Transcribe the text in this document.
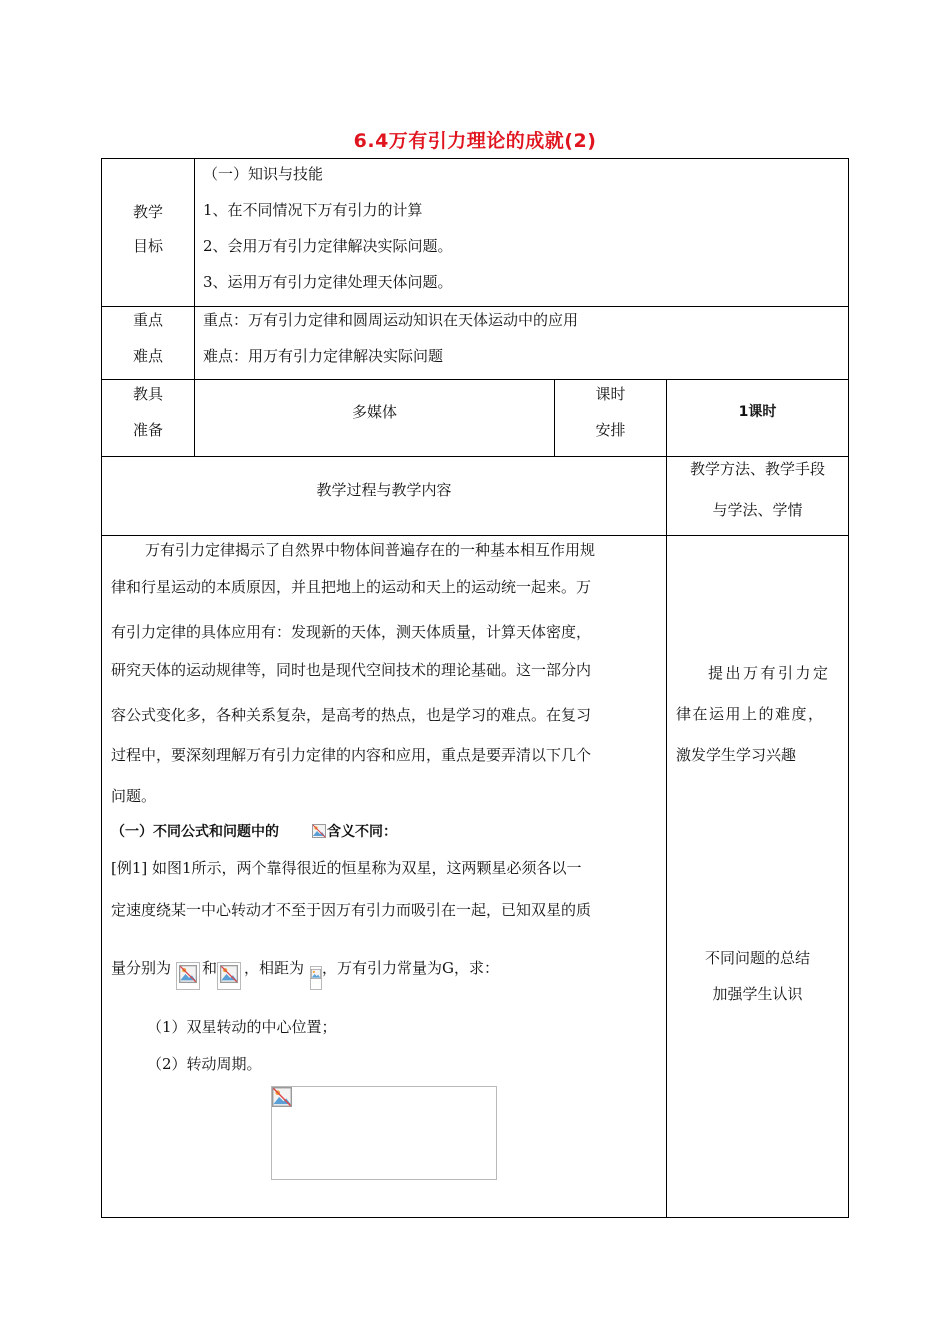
6.4万有引力理论的成就(2)
教学
目标
（一）知识与技能
1、在不同情况下万有引力的计算
2、会用万有引力定律解决实际问题。
3、运用万有引力定律处理天体问题。
重点
难点
重点：万有引力定律和圆周运动知识在天体运动中的应用
难点：用万有引力定律解决实际问题
教具
准备
多媒体
课时
安排
1课时
教学过程与教学内容
教学方法、教学手段
与学法、学情
万有引力定律揭示了自然界中物体间普遍存在的一种基本相互作用规
律和行星运动的本质原因，并且把地上的运动和天上的运动统一起来。万
有引力定律的具体应用有：发现新的天体，测天体质量，计算天体密度，
研究天体的运动规律等，同时也是现代空间技术的理论基础。这一部分内
容公式变化多，各种关系复杂，是高考的热点，也是学习的难点。在复习
过程中，要深刻理解万有引力定律的内容和应用，重点是要弄清以下几个
问题。
（一）不同公式和问题中的	含义不同：
[例1] 如图1所示，两个靠得很近的恒星称为双星，这两颗星必须各以一
定速度绕某一中心转动才不至于因万有引力而吸引在一起，已知双星的质
量分别为 和 ，相距为 ，万有引力常量为G，求：
（1）双星转动的中心位置；
（2）转动周期。
提出万有引力定
律在运用上的难度，
激发学生学习兴趣
不同问题的总结
加强学生认识
